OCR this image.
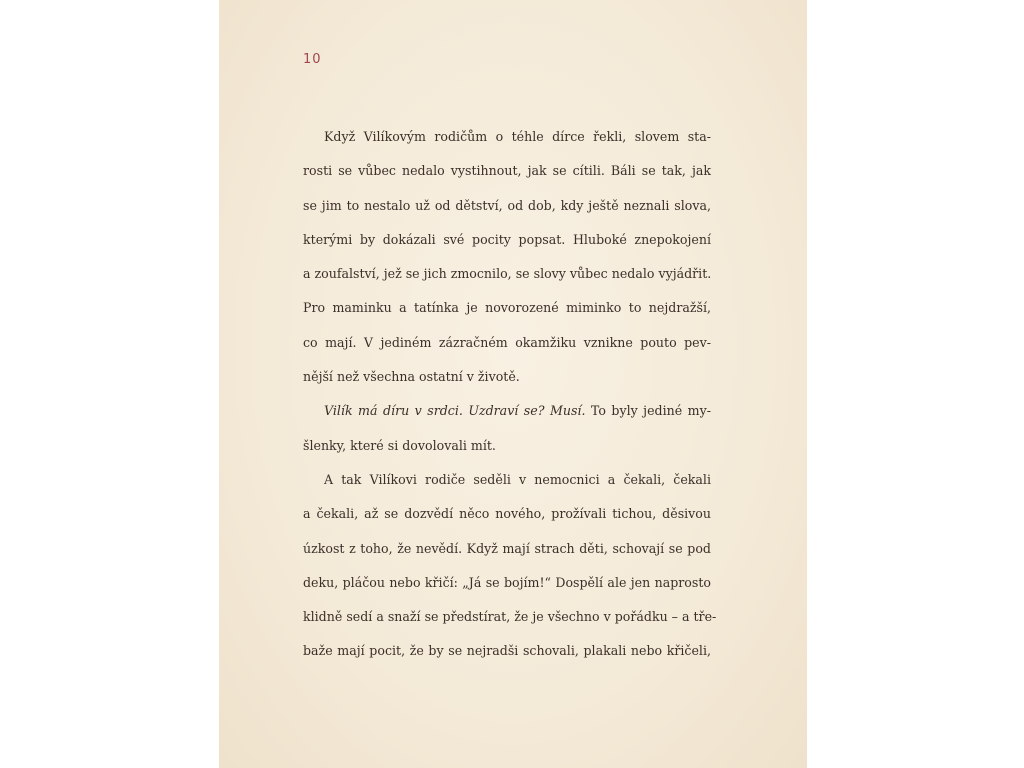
10

Když Vilíkovým rodičům o téhle dírce řekli, slovem sta-
rosti se vůbec nedalo vystihnout, jak se cítili. Báli se tak, jak
se jim to nestalo už od dětství, od dob, kdy ještě neznali slova,
kterými by dokázali své pocity popsat. Hluboké znepokojení
a zoufalství, jež se jich zmocnilo, se slovy vůbec nedalo vyjádřit.
Pro maminku a tatínka je novorozené miminko to nejdražší,
co mají. V jediném zázračném okamžiku vznikne pouto pev-
nější než všechna ostatní v životě.
Vilík má díru v srdci. Uzdraví se? Musí. To byly jediné my-
šlenky, které si dovolovali mít.
A tak Vilíkovi rodiče seděli v nemocnici a čekali, čekali
a čekali, až se dozvědí něco nového, prožívali tichou, děsivou
úzkost z toho, že nevědí. Když mají strach děti, schovají se pod
deku, pláčou nebo křičí: „Já se bojím!“ Dospělí ale jen naprosto
klidně sedí a snaží se předstírat, že je všechno v pořádku – a tře-
baže mají pocit, že by se nejradši schovali, plakali nebo křičeli,
